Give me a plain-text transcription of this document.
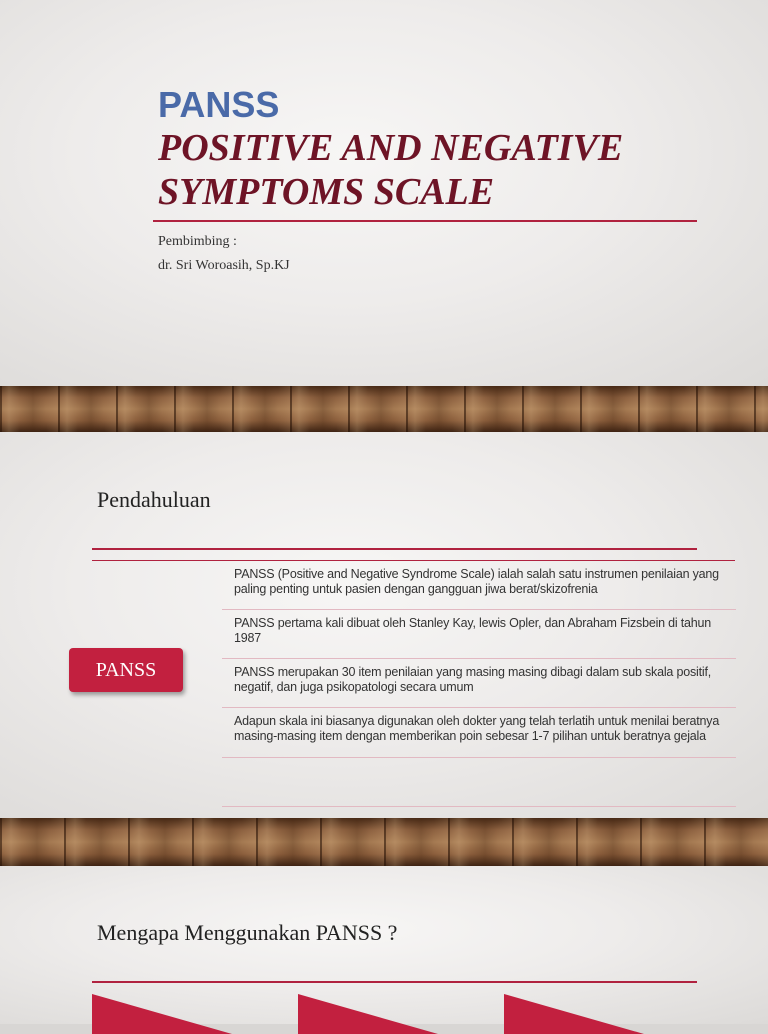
PANSS
POSITIVE AND NEGATIVE
SYMPTOMS SCALE
Pembimbing :
dr. Sri Woroasih, Sp.KJ
Pendahuluan
PANSS
PANSS (Positive and Negative Syndrome Scale) ialah salah satu instrumen penilaian yang paling penting untuk pasien dengan gangguan jiwa berat/skizofrenia
PANSS pertama kali dibuat oleh Stanley Kay, lewis Opler, dan Abraham Fizsbein di tahun 1987
PANSS merupakan 30 item penilaian yang masing masing dibagi dalam sub skala positif, negatif, dan juga psikopatologi secara umum
Adapun skala ini biasanya digunakan oleh dokter yang telah terlatih untuk menilai beratnya masing-masing item dengan memberikan poin sebesar 1-7 pilihan untuk beratnya gejala
Mengapa Menggunakan PANSS ?
